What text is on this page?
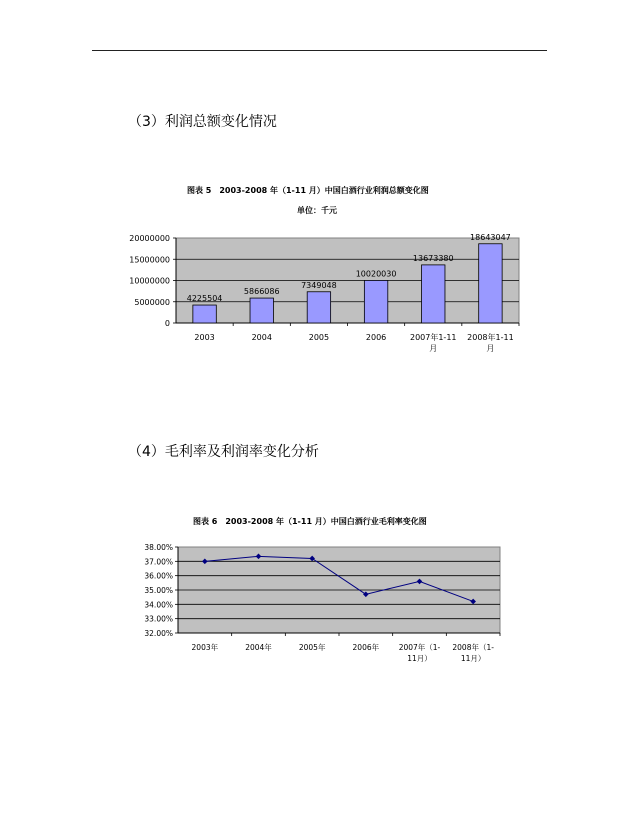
（3）利润总额变化情况
图表 5　2003-2008 年（1-11 月）中国白酒行业利润总额变化图
单位：千元
0
5000000
10000000
15000000
20000000
4225504
2003
5866086
2004
7349048
2005
10020030
2006
13673380
2007年1-11
月
18643047
2008年1-11
月
（4）毛利率及利润率变化分析
图表 6　2003-2008 年（1-11 月）中国白酒行业毛利率变化图
32.00%
33.00%
34.00%
35.00%
36.00%
37.00%
38.00%
2003年	2004年	2005年	2006年	2007年（1-
11月）
2008年（1-
11月）
